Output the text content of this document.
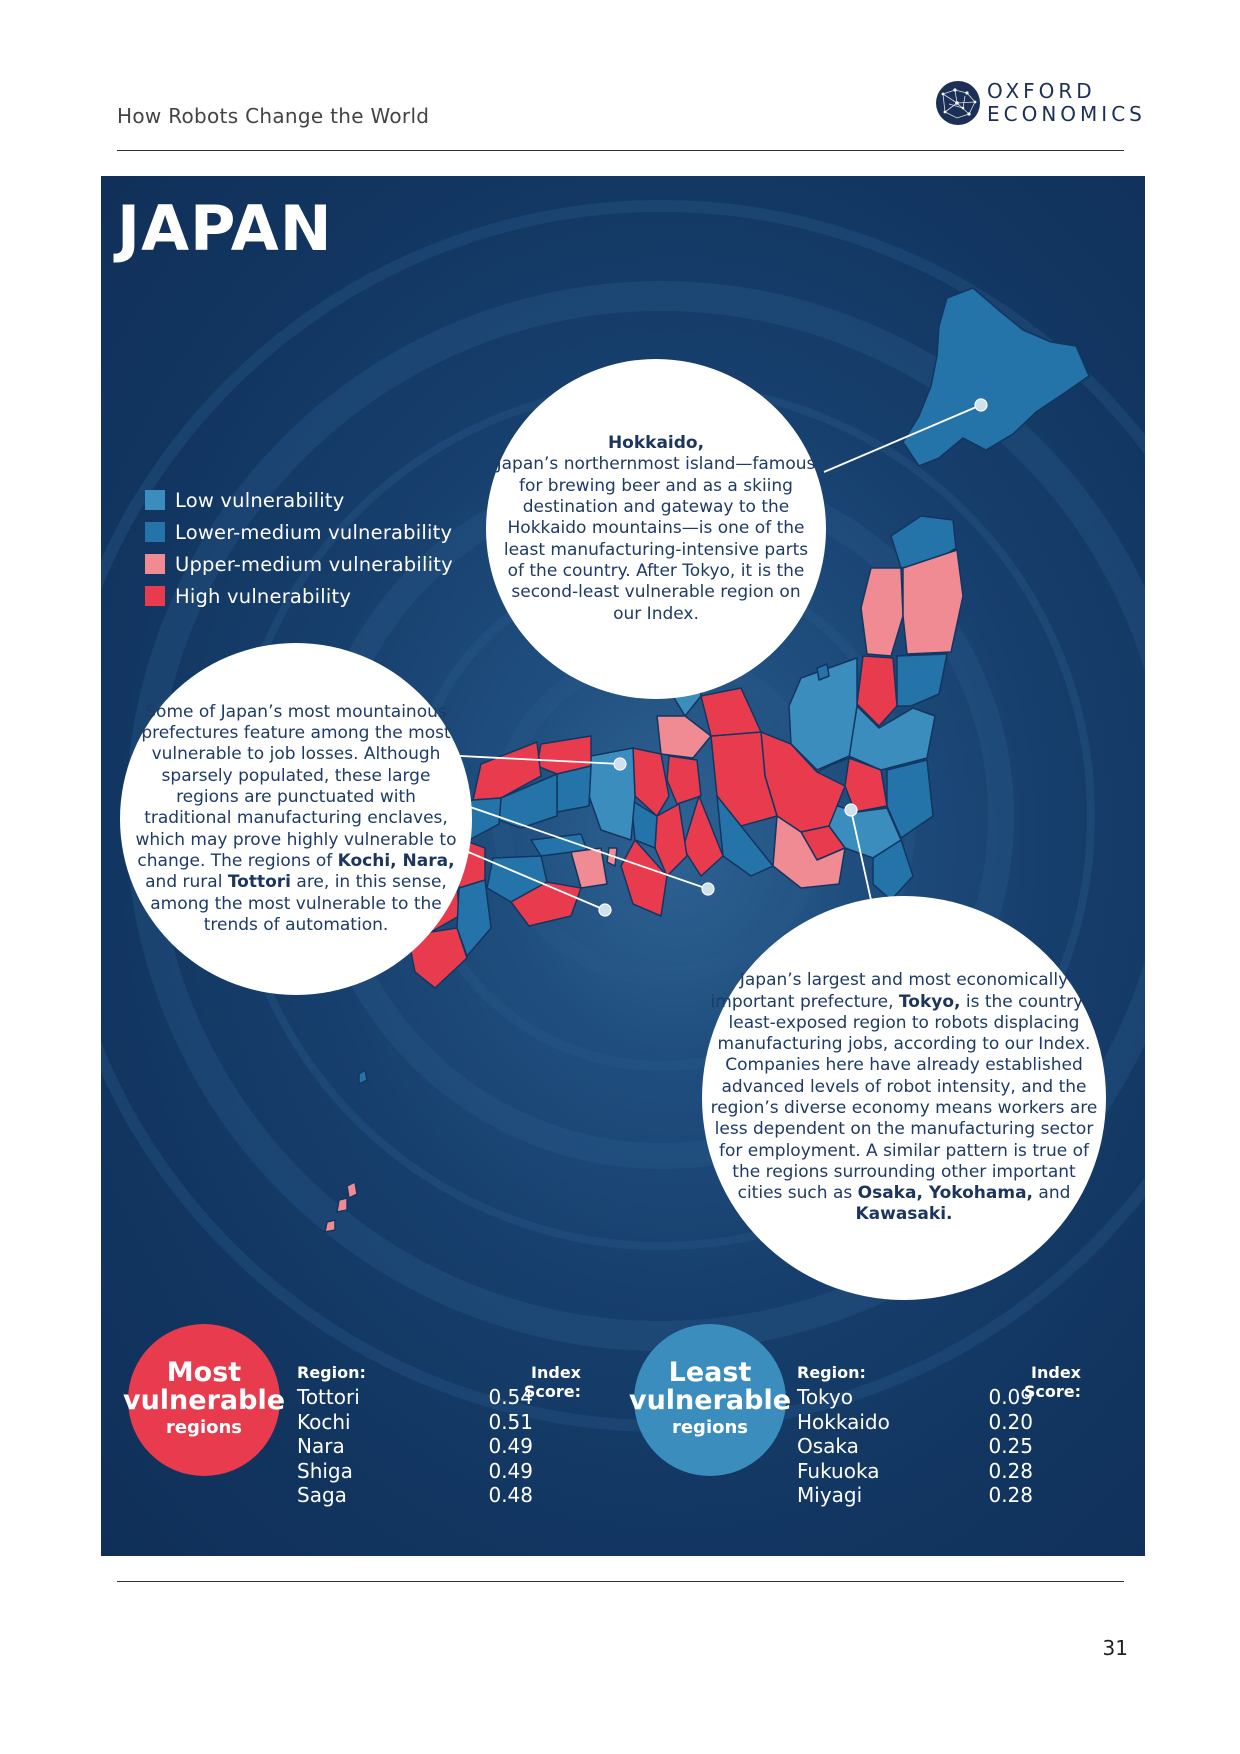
How Robots Change the World
OXFORD
ECONOMICS
JAPAN
Low vulnerability
Lower-medium vulnerability
Upper-medium vulnerability
High vulnerability

Hokkaido,
Japan’s northernmost island—famous for brewing beer and as a skiing destination and gateway to the Hokkaido mountains—is one of the least manufacturing-intensive parts of the country. After Tokyo, it is the second-least vulnerable region on our Index.

Some of Japan’s most mountainous prefectures feature among the most vulnerable to job losses. Although sparsely populated, these large regions are punctuated with traditional manufacturing enclaves, which may prove highly vulnerable to change. The regions of Kochi, Nara, and rural Tottori are, in this sense, among the most vulnerable to the trends of automation.

Japan’s largest and most economically important prefecture, Tokyo, is the country’s least-exposed region to robots displacing manufacturing jobs, according to our Index. Companies here have already established advanced levels of robot intensity, and the region’s diverse economy means workers are less dependent on the manufacturing sector for employment. A similar pattern is true of the regions surrounding other important cities such as Osaka, Yokohama, and Kawasaki.

Most
vulnerable
regions
Region:	Index Score:
Tottori	0.54
Kochi	0.51
Nara	0.49
Shiga	0.49
Saga	0.48
Least
vulnerable
regions
Region:	Index Score:
Tokyo	0.09
Hokkaido	0.20
Osaka	0.25
Fukuoka	0.28
Miyagi	0.28
31
